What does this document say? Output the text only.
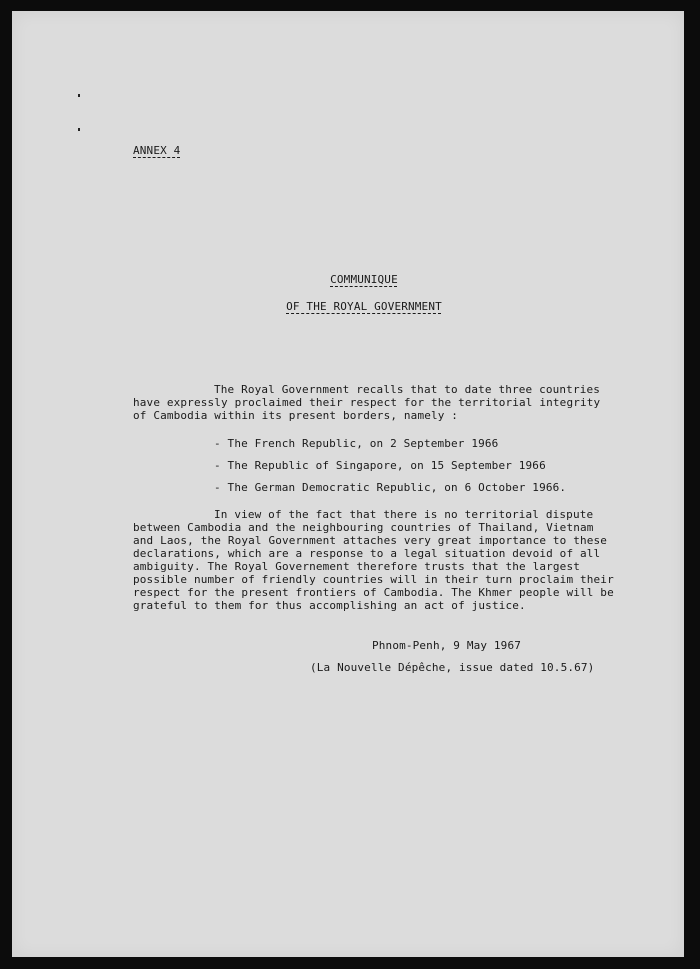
ANNEX 4
COMMUNIQUE
OF THE ROYAL GOVERNMENT
The Royal Government recalls that to date three countries
have expressly proclaimed their respect for the territorial integrity
of Cambodia within its present borders, namely :
- The French Republic, on 2 September 1966
- The Republic of Singapore, on 15 September 1966
- The German Democratic Republic, on 6 October 1966.
In view of the fact that there is no territorial dispute
between Cambodia and the neighbouring countries of Thailand, Vietnam
and Laos, the Royal Government attaches very great importance to these
declarations, which are a response to a legal situation devoid of all
ambiguity. The Royal Governement therefore trusts that the largest
possible number of friendly countries will in their turn proclaim their
respect for the present frontiers of Cambodia. The Khmer people will be
grateful to them for thus accomplishing an act of justice.
Phnom-Penh, 9 May 1967
(La Nouvelle Dépêche, issue dated 10.5.67)
